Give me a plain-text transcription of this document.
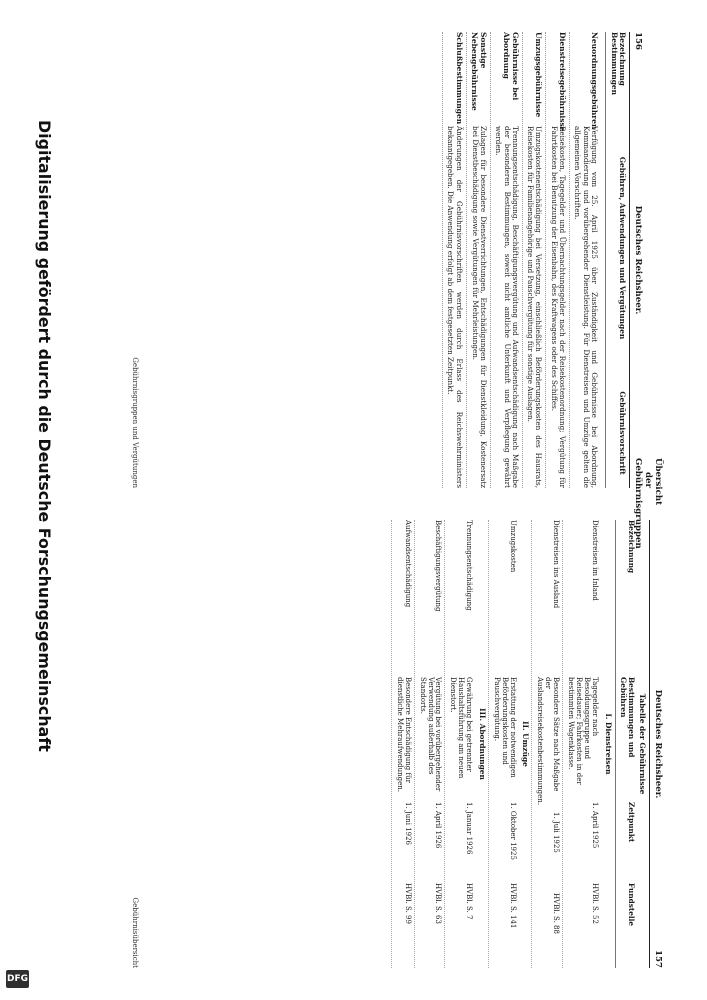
Digitalisierung gefördert durch die Deutsche Forschungsgemeinschaft
DFG
156
Deutsches Reichsheer.
Übersicht der Gebührnisgruppen
Bezeichnung Bestimmungen
Gebühren, Aufwendungen und Vergütungen
Gebührnisvorschrift
Neuordnungsgebühren
Verfügung vom 25. April 1925 über Zuständigkeit und Gebührnisse bei Abordnung, Kommandierung und vorübergehender Dienstleistung. Für Dienstreisen und Umzüge gelten die allgemeinen Vorschriften.
Dienstreisegebührnisse
Reisekosten, Tagegelder und Übernachtungsgelder nach der Reisekostenordnung; Vergütung für Fahrtkosten bei Benutzung der Eisenbahn, des Kraftwagens oder des Schiffes.
Umzugsgebührnisse
Umzugskostenentschädigung bei Versetzung, einschließlich Beförderungskosten des Hausrats, Reisekosten für Familienangehörige und Pauschvergütung für sonstige Auslagen.
Gebührnisse bei Abordnung
Trennungsentschädigung, Beschäftigungsvergütung und Aufwandsentschädigung nach Maßgabe der besonderen Bestimmungen, soweit nicht amtliche Unterkunft und Verpflegung gewährt werden.
Sonstige Nebengebührnisse
Zulagen für besondere Dienstverrichtungen, Entschädigungen für Dienstkleidung, Kostenersatz bei Dienstbeschädigung sowie Vergütungen für Mehrleistungen.
Schlußbestimmungen
Änderungen der Gebührnisvorschriften werden durch Erlass des Reichswehrministers bekanntgegeben. Die Anwendung erfolgt ab dem festgesetzten Zeitpunkt.
Gebührnisgruppen und Vergütungen
Deutsches Reichsheer.
157
Tabelle der Gebührnisse
Bezeichnung
Bestimmungen und Gebühren
Zeitpunkt
Fundstelle
I. Dienstreisen
Dienstreisen im Inland
Tagegelder nach Besoldungsgruppe und Reisedauer; Fahrkosten in der bestimmten Wagenklasse.
1. April 1925
HVBl. S. 52
Dienstreisen ins Ausland
Besondere Sätze nach Maßgabe der Auslandsreisekostenbestimmungen.
1. Juli 1925
HVBl. S. 88
II. Umzüge
Umzugskosten
Erstattung der notwendigen Beförderungskosten und Pauschvergütung.
1. Oktober 1925
HVBl. S. 141
III. Abordnungen
Trennungsentschädigung
Gewährung bei getrennter Haushaltsführung am neuen Dienstort.
1. Januar 1926
HVBl. S. 7
Beschäftigungsvergütung
Vergütung bei vorübergehender Verwendung außerhalb des Standorts.
1. April 1926
HVBl. S. 63
Aufwandsentschädigung
Besondere Entschädigung für dienstliche Mehraufwendungen.
1. Juni 1926
HVBl. S. 99
Gebührnisübersicht
